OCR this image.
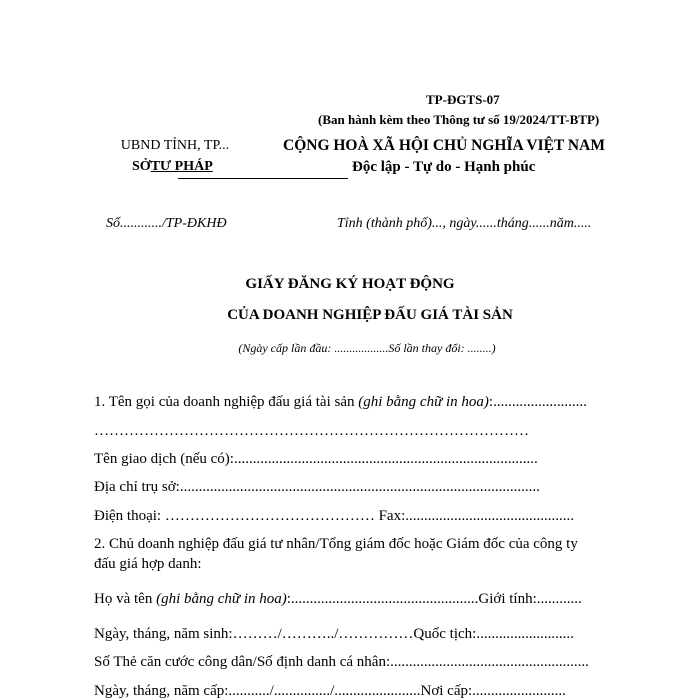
TP-ĐGTS-07
(Ban hành kèm theo Thông tư số 19/2024/TT-BTP)
UBND TỈNH, TP...
SỞTƯ PHÁP
CỘNG HOÀ XÃ HỘI CHỦ NGHĨA VIỆT NAM
Độc lập - Tự do - Hạnh phúc
Số............/TP-ĐKHĐ	Tỉnh (thành phố)..., ngày......tháng......năm.....
GIẤY ĐĂNG KÝ HOẠT ĐỘNG
CỦA DOANH NGHIỆP ĐẤU GIÁ TÀI SẢN
(Ngày cấp lần đầu: ..................Số lần thay đổi: ........)
1. Tên gọi của doanh nghiệp đấu giá tài sản (ghi bằng chữ in hoa):.........................
……………………………………………………………………………
Tên giao dịch (nếu có):.................................................................................
Địa chỉ trụ sở:................................................................................................
Điện thoại: …………………………………… Fax:.............................................
2. Chủ doanh nghiệp đấu giá tư nhân/Tổng giám đốc hoặc Giám đốc của công ty
đấu giá hợp danh:
Họ và tên (ghi bằng chữ in hoa):..................................................Giới tính:............
Ngày, tháng, năm sinh:………/………../……………Quốc tịch:..........................
Số Thẻ căn cước công dân/Số định danh cá nhân:.....................................................
Ngày, tháng, năm cấp:.........../.............../.......................Nơi cấp:.........................
